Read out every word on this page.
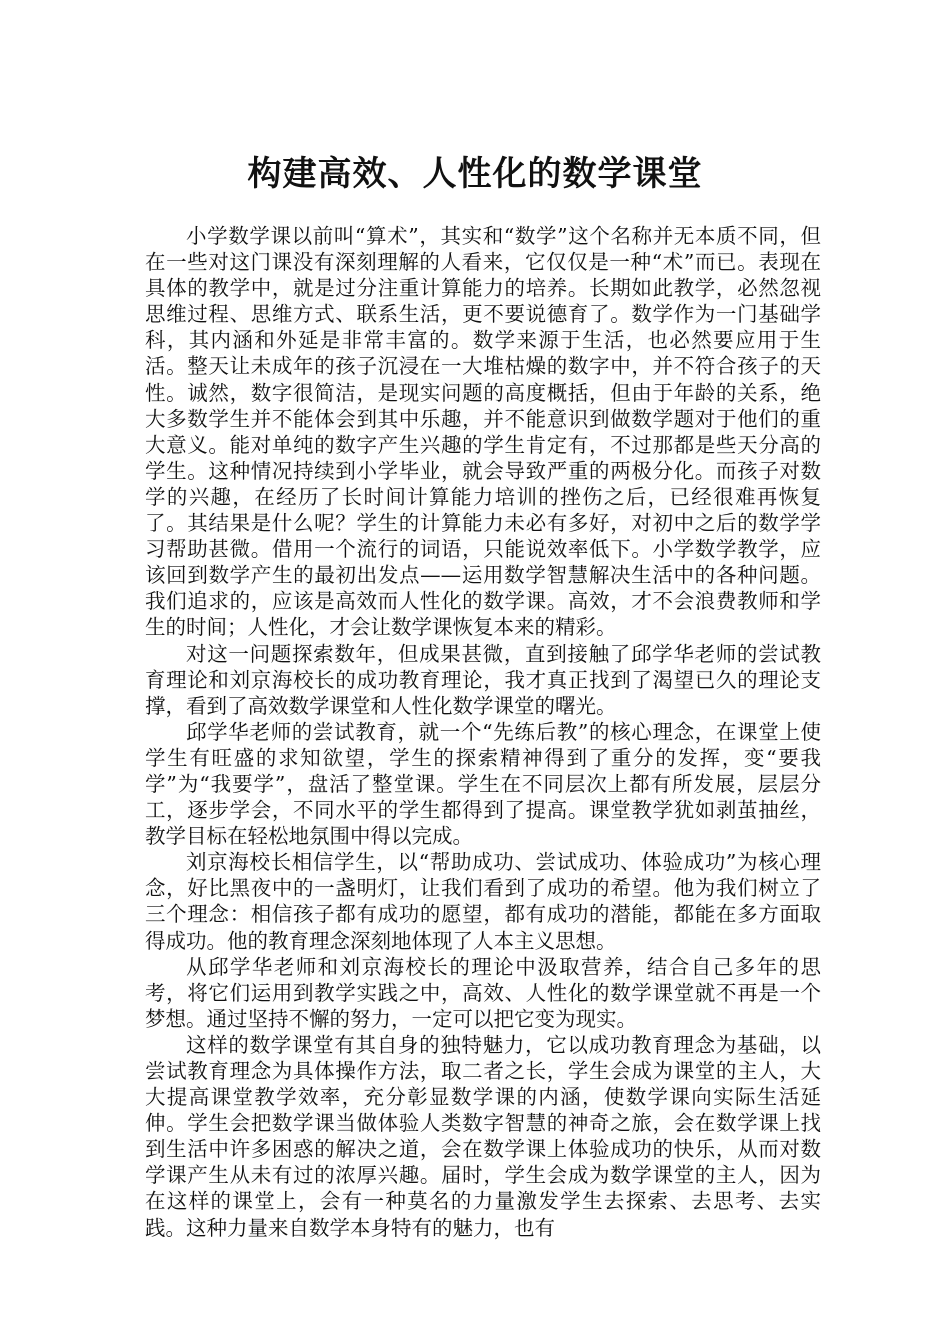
构建高效、人性化的数学课堂

小学数学课以前叫“算术”，其实和“数学”这个名称并无本质不同，但在一些对这门课没有深刻理解的人看来，它仅仅是一种“术”而已。表现在具体的教学中，就是过分注重计算能力的培养。长期如此教学，必然忽视思维过程、思维方式、联系生活，更不要说德育了。数学作为一门基础学科，其内涵和外延是非常丰富的。数学来源于生活，也必然要应用于生活。整天让未成年的孩子沉浸在一大堆枯燥的数字中，并不符合孩子的天性。诚然，数字很简洁，是现实问题的高度概括，但由于年龄的关系，绝大多数学生并不能体会到其中乐趣，并不能意识到做数学题对于他们的重大意义。能对单纯的数字产生兴趣的学生肯定有，不过那都是些天分高的学生。这种情况持续到小学毕业，就会导致严重的两极分化。而孩子对数学的兴趣，在经历了长时间计算能力培训的挫伤之后，已经很难再恢复了。其结果是什么呢？学生的计算能力未必有多好，对初中之后的数学学习帮助甚微。借用一个流行的词语，只能说效率低下。小学数学教学，应该回到数学产生的最初出发点——运用数学智慧解决生活中的各种问题。我们追求的，应该是高效而人性化的数学课。高效，才不会浪费教师和学生的时间；人性化，才会让数学课恢复本来的精彩。

对这一问题探索数年，但成果甚微，直到接触了邱学华老师的尝试教育理论和刘京海校长的成功教育理论，我才真正找到了渴望已久的理论支撑，看到了高效数学课堂和人性化数学课堂的曙光。

邱学华老师的尝试教育，就一个“先练后教”的核心理念，在课堂上使学生有旺盛的求知欲望，学生的探索精神得到了重分的发挥，变“要我学”为“我要学”，盘活了整堂课。学生在不同层次上都有所发展，层层分工，逐步学会，不同水平的学生都得到了提高。课堂教学犹如剥茧抽丝，教学目标在轻松地氛围中得以完成。

刘京海校长相信学生，以“帮助成功、尝试成功、体验成功”为核心理念，好比黑夜中的一盏明灯，让我们看到了成功的希望。他为我们树立了三个理念：相信孩子都有成功的愿望，都有成功的潜能，都能在多方面取得成功。他的教育理念深刻地体现了人本主义思想。

从邱学华老师和刘京海校长的理论中汲取营养，结合自己多年的思考，将它们运用到教学实践之中，高效、人性化的数学课堂就不再是一个梦想。通过坚持不懈的努力，一定可以把它变为现实。

这样的数学课堂有其自身的独特魅力，它以成功教育理念为基础，以尝试教育理念为具体操作方法，取二者之长，学生会成为课堂的主人，大大提高课堂教学效率，充分彰显数学课的内涵，使数学课向实际生活延伸。学生会把数学课当做体验人类数字智慧的神奇之旅，会在数学课上找到生活中许多困惑的解决之道，会在数学课上体验成功的快乐，从而对数学课产生从未有过的浓厚兴趣。届时，学生会成为数学课堂的主人，因为在这样的课堂上，会有一种莫名的力量激发学生去探索、去思考、去实践。这种力量来自数学本身特有的魅力，也有
